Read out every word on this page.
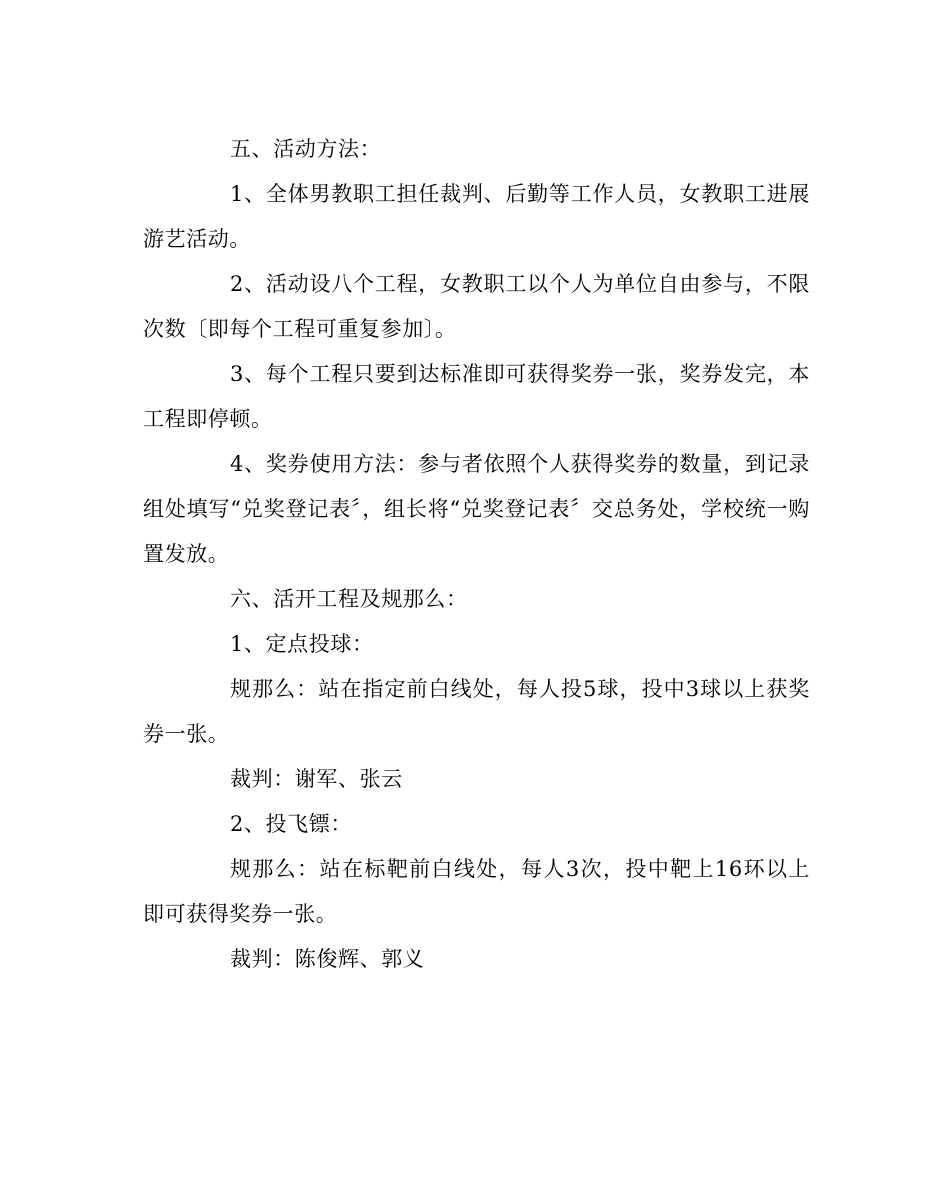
五、活动方法：

1、全体男教职工担任裁判、后勤等工作人员，女教职工进展游艺活动。

2、活动设八个工程，女教职工以个人为单位自由参与，不限次数〔即每个工程可重复参加〕。

3、每个工程只要到达标准即可获得奖券一张，奖券发完，本工程即停顿。

4、奖券使用方法：参与者依照个人获得奖券的数量，到记录组处填写“兑奖登记表〞，组长将“兑奖登记表〞交总务处，学校统一购置发放。

六、活开工程及规那么：

1、定点投球：

规那么：站在指定前白线处，每人投5球，投中3球以上获奖券一张。

裁判：谢军、张云

2、投飞镖：

规那么：站在标靶前白线处，每人3次，投中靶上16环以上即可获得奖券一张。

裁判：陈俊辉、郭义
